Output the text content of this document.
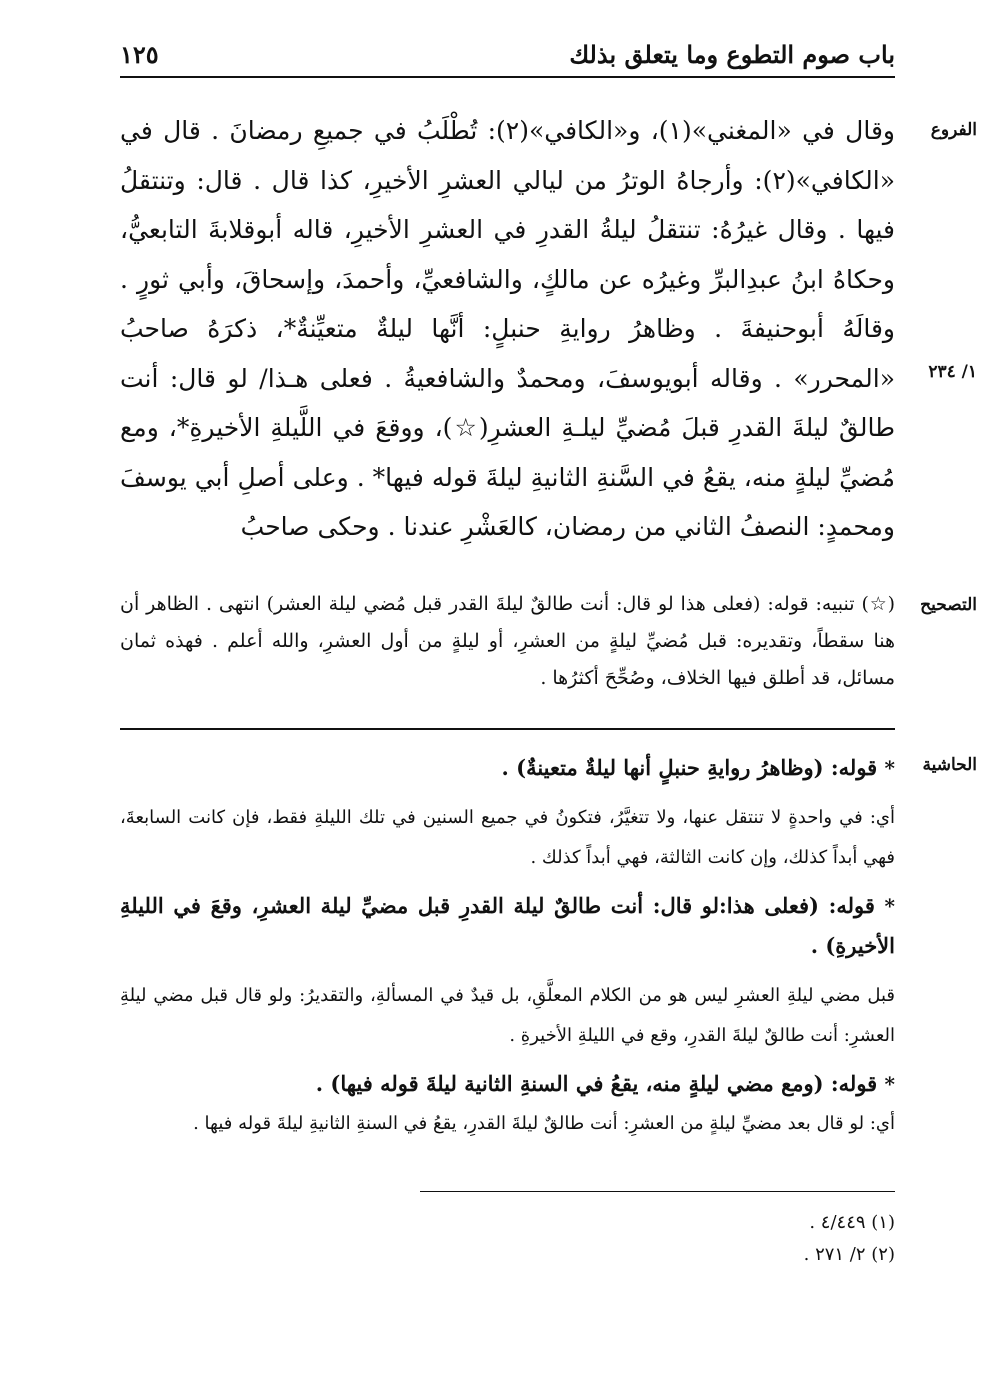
باب صوم التطوع وما يتعلق بذلك
١٢٥
الفروع
١/ ٢٣٤
التصحيح
الحاشية
وقال في «المغني»(١)، و«الكافي»(٢): تُطْلَبُ في جميعِ رمضانَ . قال في «الكافي»(٢): وأرجاهُ الوترُ من ليالي العشرِ الأخيرِ، كذا قال . قال: وتنتقلُ فيها . وقال غيرُهُ: تنتقلُ ليلةُ القدرِ في العشرِ الأخيرِ، قاله أبوقلابةَ التابعيُّ، وحكاهُ ابنُ عبدِالبرِّ وغيرُه عن مالكٍ، والشافعيِّ، وأحمدَ، وإسحاقَ، وأبي ثورٍ . وقالَهُ أبوحنيفةَ . وظاهرُ روايةِ حنبلٍ: أنَّها ليلةٌ متعيِّنةٌ*، ذكرَهُ صاحبُ «المحرر» . وقاله أبويوسفَ، ومحمدٌ والشافعيةُ . فعلى هـذا/ لو قال: أنت طالقٌ ليلةَ القدرِ قبلَ مُضيِّ ليلـةِ العشرِ(☆)، ووقعَ في اللَّيلةِ الأخيرةِ*، ومع مُضيِّ ليلةٍ منه، يقعُ في السَّنةِ الثانيةِ ليلةَ قوله فيها* . وعلى أصلِ أبي يوسفَ ومحمدٍ: النصفُ الثاني من رمضان، كالعَشْرِ عندنا . وحكى صاحبُ
(☆) تنبيه: قوله: (فعلى هذا لو قال: أنت طالقٌ ليلةَ القدر قبل مُضي ليلة العشر) انتهى . الظاهر أن هنا سقطاً، وتقديره: قبل مُضيِّ ليلةٍ من العشرِ، أو ليلةٍ من أول العشرِ، والله أعلم . فهذه ثمان مسائل، قد أطلق فيها الخلاف، وصُحِّحَ أكثرُها .
* قوله: (وظاهرُ روايةِ حنبلٍ أنها ليلةٌ متعينةٌ) .
أي: في واحدةٍ لا تنتقل عنها، ولا تتغيَّرُ، فتكونُ في جميع السنين في تلك الليلةِ فقط، فإن كانت السابعةَ، فهي أبداً كذلك، وإن كانت الثالثة، فهي أبداً كذلك .
* قوله: (فعلى هذا:لو قال: أنت طالقٌ ليلة القدرِ قبل مضيِّ ليلة العشرِ، وقعَ في الليلةِ الأخيرةِ) .
قبل مضي ليلةِ العشرِ ليس هو من الكلام المعلَّقِ، بل قيدٌ في المسألةِ، والتقديرُ: ولو قال قبل مضي ليلةِ العشرِ: أنت طالقٌ ليلةَ القدرِ، وقع في الليلةِ الأخيرةِ .
* قوله: (ومع مضي ليلةٍ منه، يقعُ في السنةِ الثانية ليلةَ قوله فيها) .
أي: لو قال بعد مضيِّ ليلةٍ من العشرِ: أنت طالقٌ ليلةَ القدرِ، يقعُ في السنةِ الثانيةِ ليلةَ قوله فيها .
(١) ٤/٤٤٩ .
(٢) ٢/ ٢٧١ .
